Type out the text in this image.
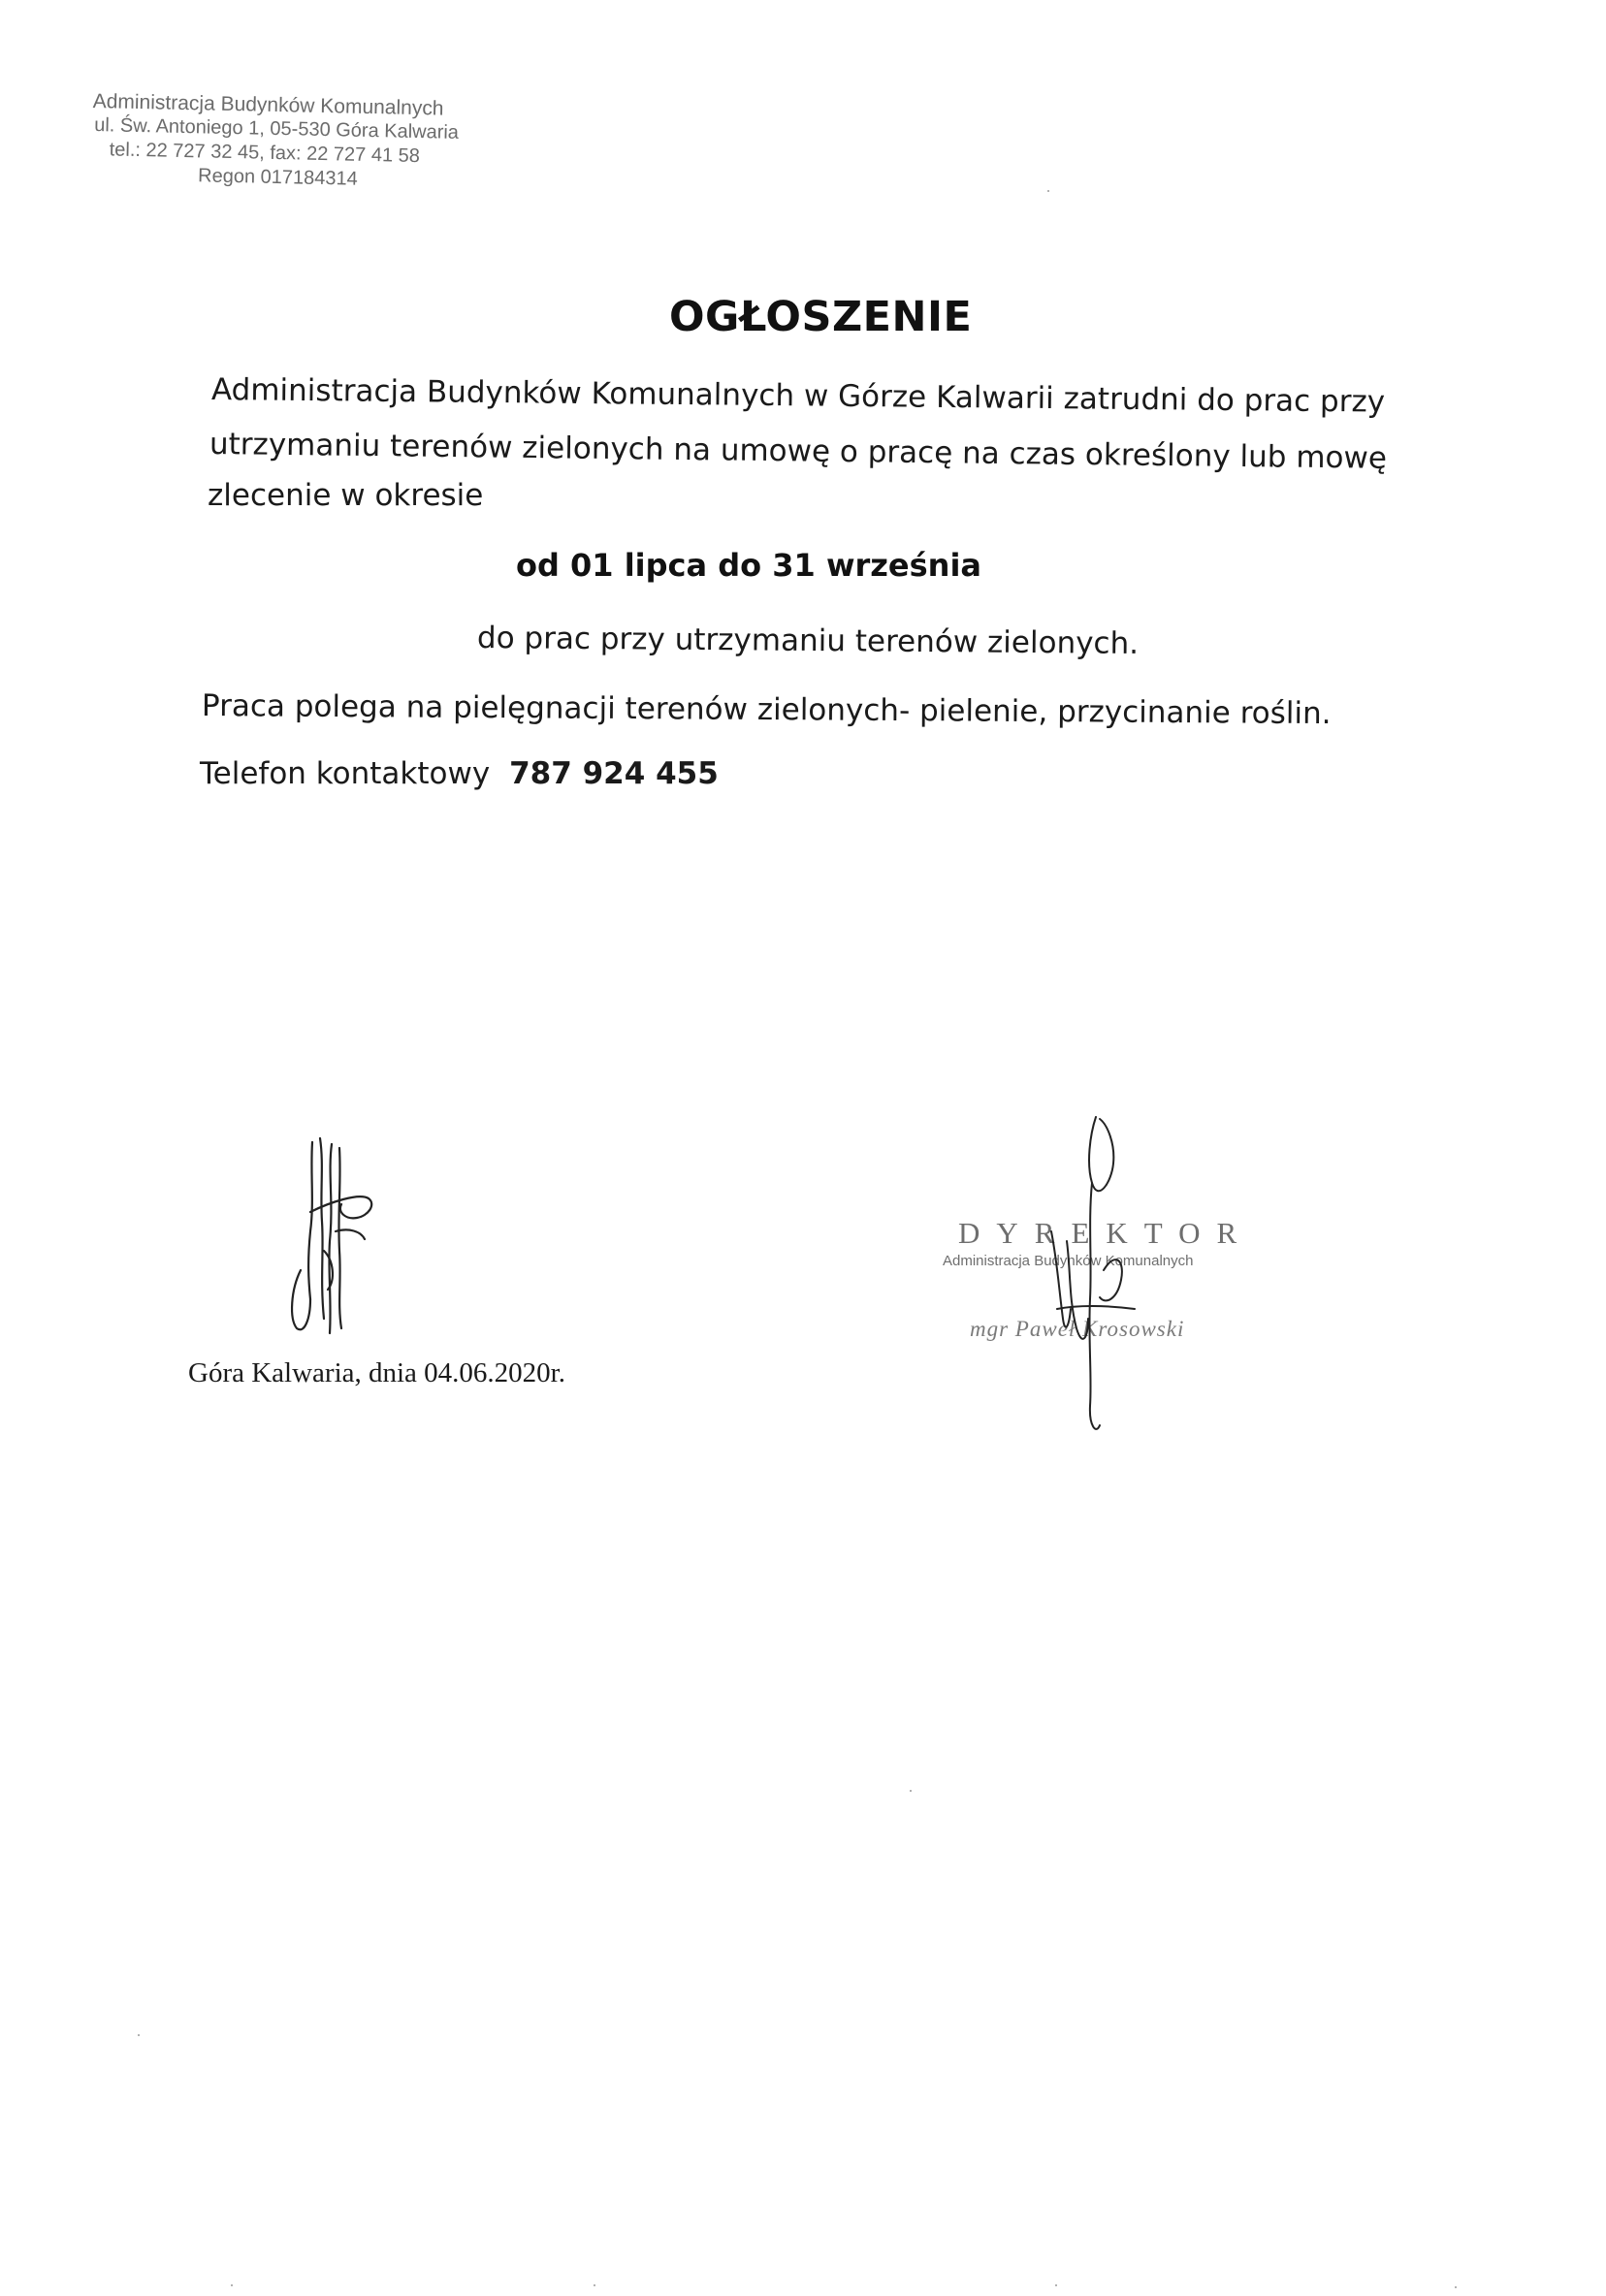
Administracja Budynków Komunalnych
ul. Św. Antoniego 1, 05-530 Góra Kalwaria
tel.: 22 727 32 45, fax: 22 727 41 58
Regon 017184314
OGŁOSZENIE
Administracja Budynków Komunalnych w Górze Kalwarii zatrudni do prac przy
utrzymaniu terenów zielonych na umowę o pracę na czas określony lub mowę
zlecenie w okresie
od 01 lipca do 31 września
do prac przy utrzymaniu terenów zielonych.
Praca polega na pielęgnacji terenów zielonych- pielenie, przycinanie roślin.
Telefon kontaktowy 787 924 455
Góra Kalwaria, dnia 04.06.2020r.
DYREKTOR
Administracja Budynków Komunalnych
mgr Paweł Krosowski
